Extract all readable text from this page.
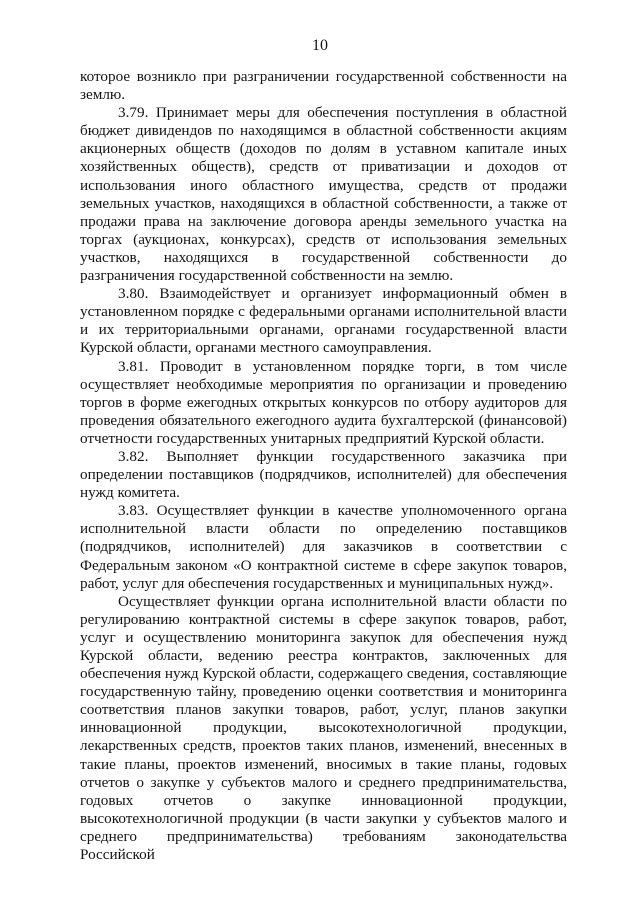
10

которое возникло при разграничении государственной собственности на землю.

3.79. Принимает меры для обеспечения поступления в областной бюджет дивидендов по находящимся в областной собственности акциям акционерных обществ (доходов по долям в уставном капитале иных хозяйственных обществ), средств от приватизации и доходов от использования иного областного имущества, средств от продажи земельных участков, находящихся в областной собственности, а также от продажи права на заключение договора аренды земельного участка на торгах (аукционах, конкурсах), средств от использования земельных участков, находящихся в государственной собственности до разграничения государственной собственности на землю.

3.80. Взаимодействует и организует информационный обмен в установленном порядке с федеральными органами исполнительной власти и их территориальными органами, органами государственной власти Курской области, органами местного самоуправления.

3.81. Проводит в установленном порядке торги, в том числе осуществляет необходимые мероприятия по организации и проведению торгов в форме ежегодных открытых конкурсов по отбору аудиторов для проведения обязательного ежегодного аудита бухгалтерской (финансовой) отчетности государственных унитарных предприятий Курской области.

3.82. Выполняет функции государственного заказчика при определении поставщиков (подрядчиков, исполнителей) для обеспечения нужд комитета.

3.83. Осуществляет функции в качестве уполномоченного органа исполнительной власти области по определению поставщиков (подрядчиков, исполнителей) для заказчиков в соответствии с Федеральным законом «О контрактной системе в сфере закупок товаров, работ, услуг для обеспечения государственных и муниципальных нужд».

Осуществляет функции органа исполнительной власти области по регулированию контрактной системы в сфере закупок товаров, работ, услуг и осуществлению мониторинга закупок для обеспечения нужд Курской области, ведению реестра контрактов, заключенных для обеспечения нужд Курской области, содержащего сведения, составляющие государственную тайну, проведению оценки соответствия и мониторинга соответствия планов закупки товаров, работ, услуг, планов закупки инновационной продукции, высокотехнологичной продукции, лекарственных средств, проектов таких планов, изменений, внесенных в такие планы, проектов изменений, вносимых в такие планы, годовых отчетов о закупке у субъектов малого и среднего предпринимательства, годовых отчетов о закупке инновационной продукции, высокотехнологичной продукции (в части закупки у субъектов малого и среднего предпринимательства) требованиям законодательства Российской
